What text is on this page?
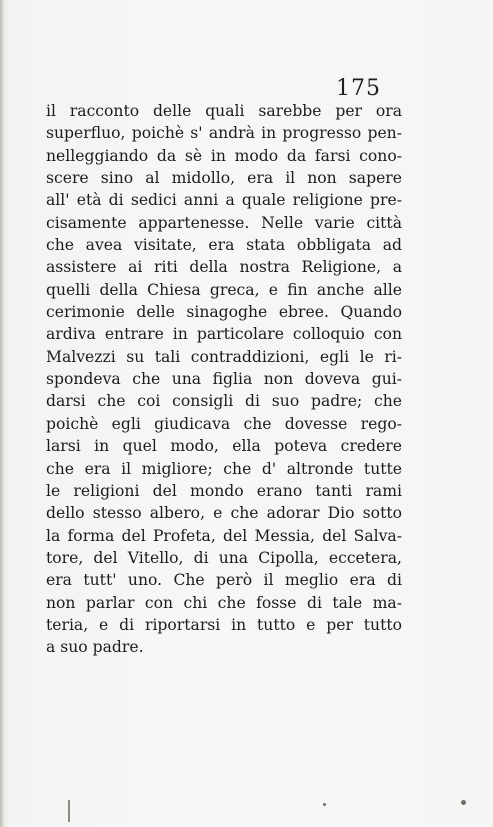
175
il racconto delle quali sarebbe per ora
superfluo, poichè s' andrà in progresso pen-
nelleggiando da sè in modo da farsi cono-
scere sino al midollo, era il non sapere
all' età di sedici anni a quale religione pre-
cisamente appartenesse. Nelle varie città
che avea visitate, era stata obbligata ad
assistere ai riti della nostra Religione, a
quelli della Chiesa greca, e fin anche alle
cerimonie delle sinagoghe ebree. Quando
ardiva entrare in particolare colloquio con
Malvezzi su tali contraddizioni, egli le ri-
spondeva che una figlia non doveva gui-
darsi che coi consigli di suo padre; che
poichè egli giudicava che dovesse rego-
larsi in quel modo, ella poteva credere
che era il migliore; che d' altronde tutte
le religioni del mondo erano tanti rami
dello stesso albero, e che adorar Dio sotto
la forma del Profeta, del Messia, del Salva-
tore, del Vitello, di una Cipolla, eccetera,
era tutt' uno. Che però il meglio era di
non parlar con chi che fosse di tale ma-
teria, e di riportarsi in tutto e per tutto
a suo padre.
